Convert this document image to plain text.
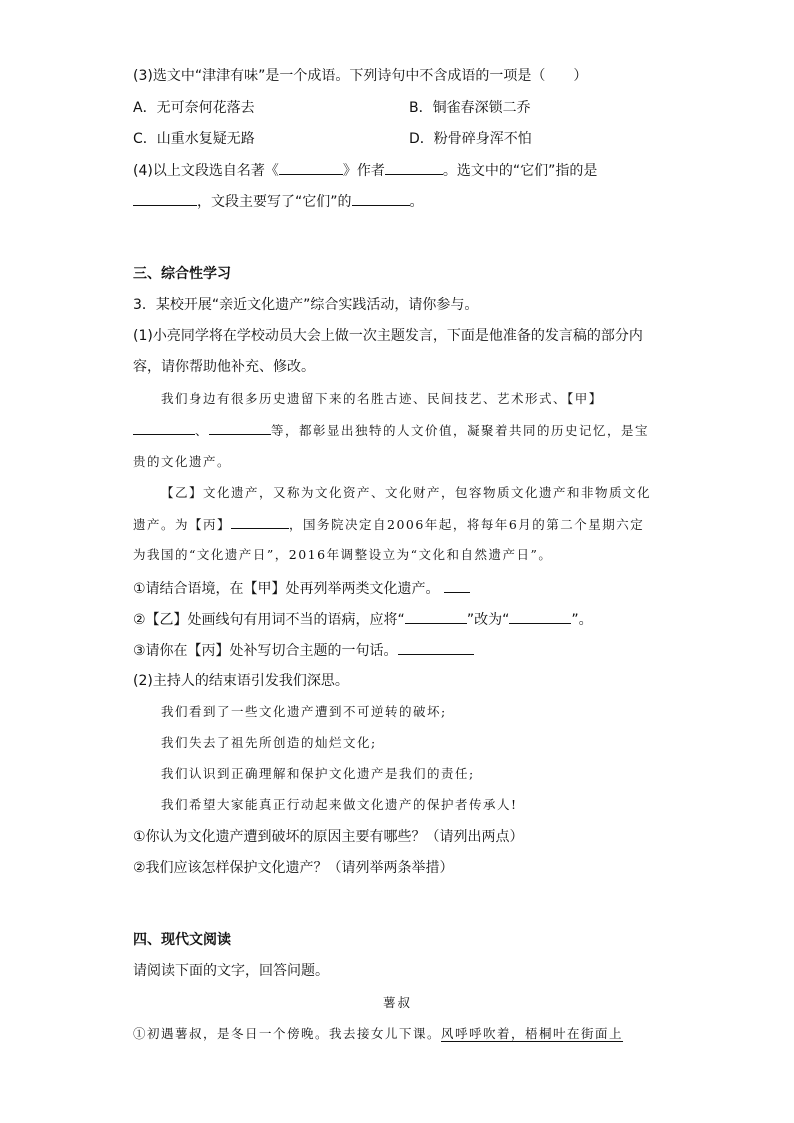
(3)选文中“津津有味”是一个成语。下列诗句中不含成语的一项是（　　）
A．无可奈何花落去	B．铜雀春深锁二乔
C．山重水复疑无路	D．粉骨碎身浑不怕
(4)以上文段选自名著《	》作者	。选文中的“它们”指的是
，文段主要写了“它们”的	。
三、综合性学习
3．某校开展“亲近文化遗产”综合实践活动，请你参与。
(1)小亮同学将在学校动员大会上做一次主题发言，下面是他准备的发言稿的部分内
容，请你帮助他补充、修改。
我们身边有很多历史遗留下来的名胜古迹、民间技艺、艺术形式、【甲】
、	等，都彰显出独特的人文价值，凝聚着共同的历史记忆，是宝
贵的文化遗产。
【乙】文化遗产，又称为文化资产、文化财产，包容物质文化遗产和非物质文化
遗产。为【丙】	，国务院决定自2006年起，将每年6月的第二个星期六定
为我国的“文化遗产日”，2016年调整设立为“文化和自然遗产日”。
①请结合语境，在【甲】处再列举两类文化遗产。
②【乙】处画线句有用词不当的语病，应将“	”改为“	”。
③请你在【丙】处补写切合主题的一句话。
(2)主持人的结束语引发我们深思。
我们看到了一些文化遗产遭到不可逆转的破坏;
我们失去了祖先所创造的灿烂文化;
我们认识到正确理解和保护文化遗产是我们的责任;
我们希望大家能真正行动起来做文化遗产的保护者传承人!
①你认为文化遗产遭到破坏的原因主要有哪些？（请列出两点）
②我们应该怎样保护文化遗产？（请列举两条举措）
四、现代文阅读
请阅读下面的文字，回答问题。
薯叔
①初遇薯叔，是冬日一个傍晚。我去接女儿下课。风呼呼吹着，梧桐叶在街面上
